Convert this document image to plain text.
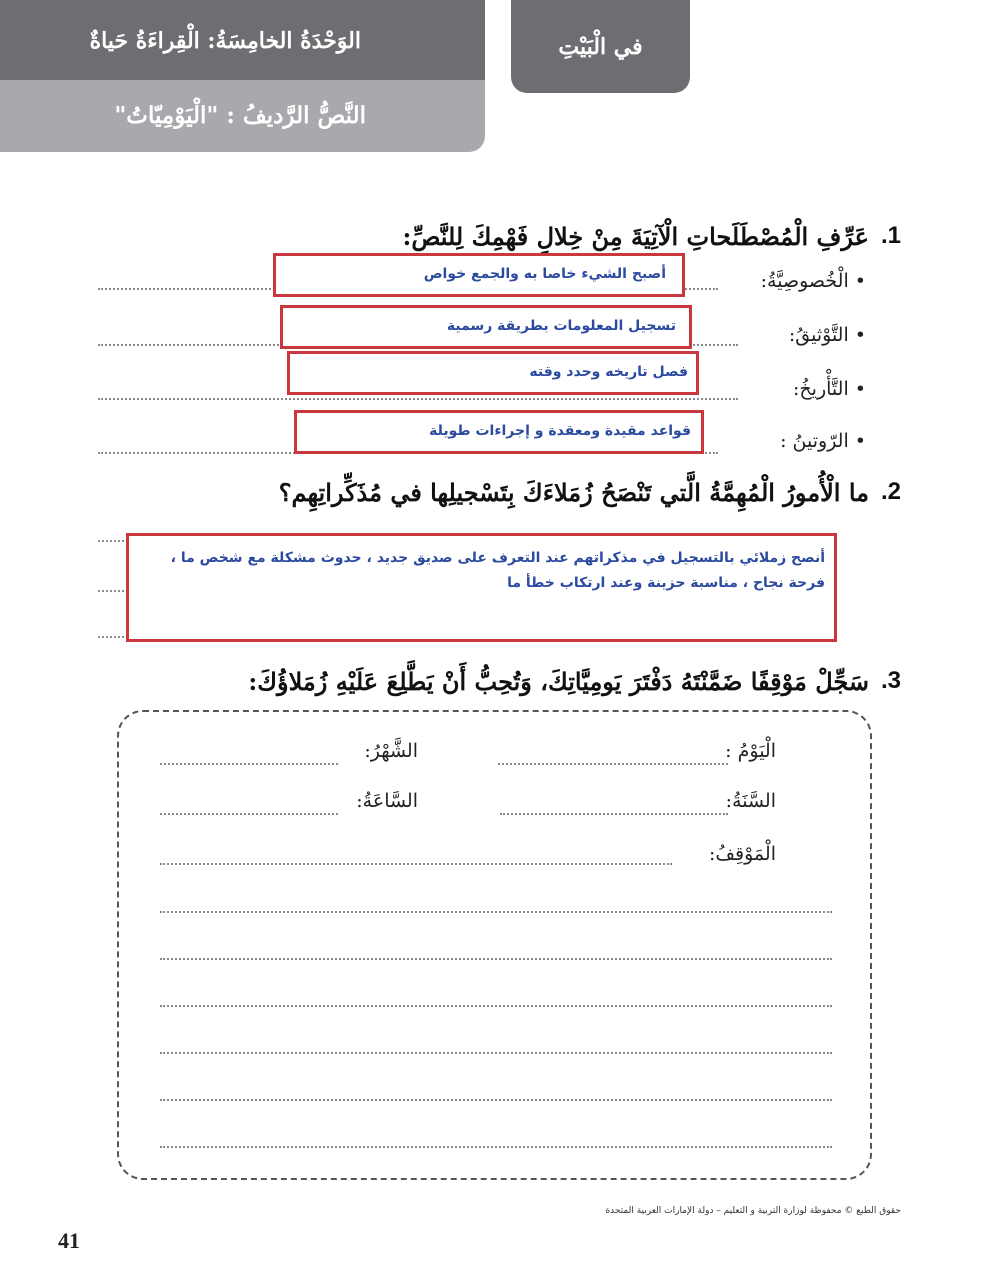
الوَحْدَةُ الخامِسَةُ: الْقِراءَةُ حَياةٌ
النَّصُّ الرَّديفُ : "الْيَوْمِيّاتُ"
في الْبَيْتِ
عَرِّفِ الْمُصْطَلَحاتِ الْآتِيَةَ مِنْ خِلالِ فَهْمِكَ لِلنَّصِّ: 1.
• الْخُصوصِيَّةُ:
أصبح الشيء خاصا به والجمع خواص
• التَّوْثيقُ:
تسجيل المعلومات بطريقة رسمية
• التَّأْريخُ:
فصل تاريخه وحدد وقته
• الرّوتينُ :
قواعد مقيدة ومعقدة و إجراءات طويلة
ما الْأُمورُ الْمُهِمَّةُ الَّتي تَنْصَحُ زُمَلاءَكَ بِتَسْجيلِها في مُذَكِّراتِهِم؟ 2.
أنصح زملائي بالتسجيل في مذكراتهم عند التعرف على صديق جديد ، حدوث مشكلة مع شخص ما ، فرحة نجاح ، مناسبة حزينة وعند ارتكاب خطأ ما
سَجِّلْ مَوْقِفًا ضَمَّنْتَهُ دَفْتَرَ يَومِيَّاتِكَ، وَتُحِبُّ أَنْ يَطَّلِعَ عَلَيْهِ زُمَلاؤُكَ: 3.
الْيَوْمُ :
الشَّهْرُ:
السَّنَةُ:
السَّاعَةُ:
الْمَوْقِفُ:
حقوق الطبع © محفوظة لوزارة التربية و التعليم – دولة الإمارات العربية المتحدة
41
